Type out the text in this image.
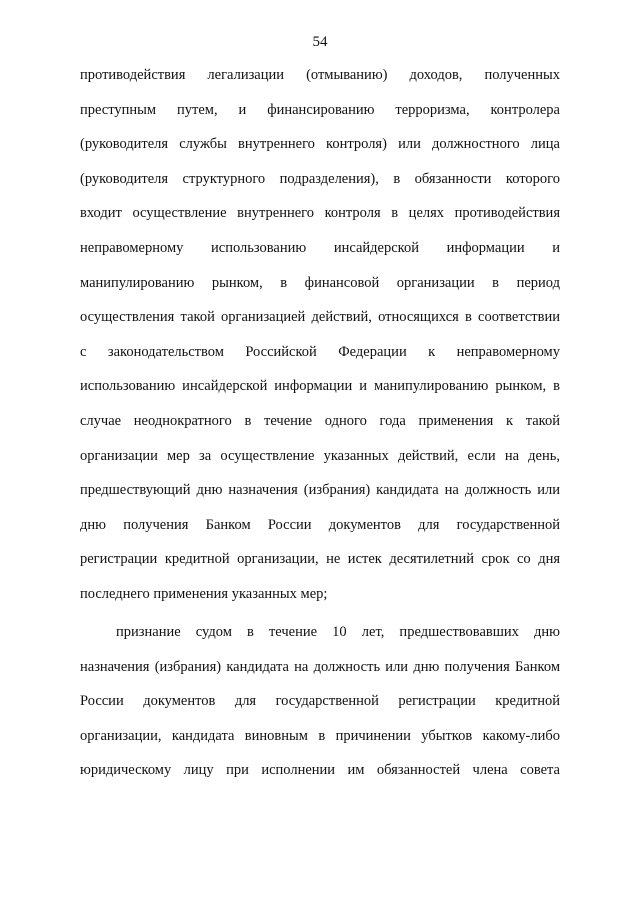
54
противодействия легализации (отмыванию) доходов, полученных
преступным путем, и финансированию терроризма, контролера
(руководителя службы внутреннего контроля) или должностного лица
(руководителя структурного подразделения), в обязанности которого
входит осуществление внутреннего контроля в целях противодействия
неправомерному использованию инсайдерской информации и
манипулированию рынком, в финансовой организации в период
осуществления такой организацией действий, относящихся в соответствии
с законодательством Российской Федерации к неправомерному
использованию инсайдерской информации и манипулированию рынком, в
случае неоднократного в течение одного года применения к такой
организации мер за осуществление указанных действий, если на день,
предшествующий дню назначения (избрания) кандидата на должность или
дню получения Банком России документов для государственной
регистрации кредитной организации, не истек десятилетний срок со дня
последнего применения указанных мер;
признание судом в течение 10 лет, предшествовавших дню
назначения (избрания) кандидата на должность или дню получения Банком
России документов для государственной регистрации кредитной
организации, кандидата виновным в причинении убытков какому-либо
юридическому лицу при исполнении им обязанностей члена совета
